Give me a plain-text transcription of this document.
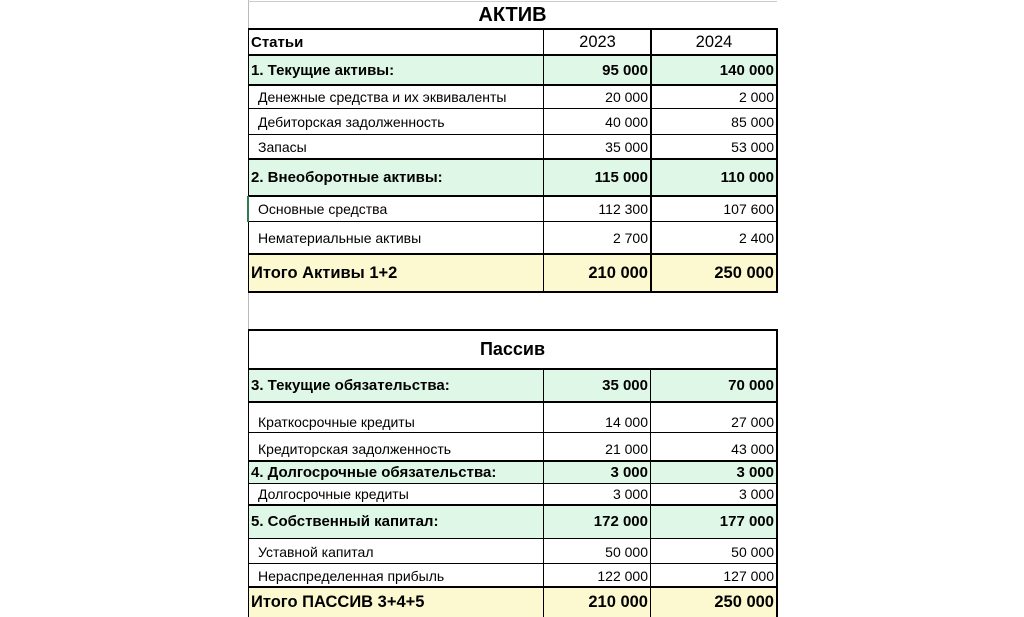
АКТИВ
Статьи	2023	2024
1. Текущие активы:	95 000	140 000
Денежные средства и их эквиваленты	20 000	2 000
Дебиторская задолженность	40 000	85 000
Запасы	35 000	53 000
2. Внеоборотные активы:	115 000	110 000
Основные средства	112 300	107 600
Нематериальные активы	2 700	2 400
Итого Активы 1+2	210 000	250 000
Пассив
3. Текущие обязательства:	35 000	70 000
Краткосрочные кредиты	14 000	27 000
Кредиторская задолженность	21 000	43 000
4. Долгосрочные обязательства:	3 000	3 000
Долгосрочные кредиты	3 000	3 000
5. Собственный капитал:	172 000	177 000
Уставной капитал	50 000	50 000
Нераспределенная прибыль	122 000	127 000
Итого ПАССИВ 3+4+5	210 000	250 000
